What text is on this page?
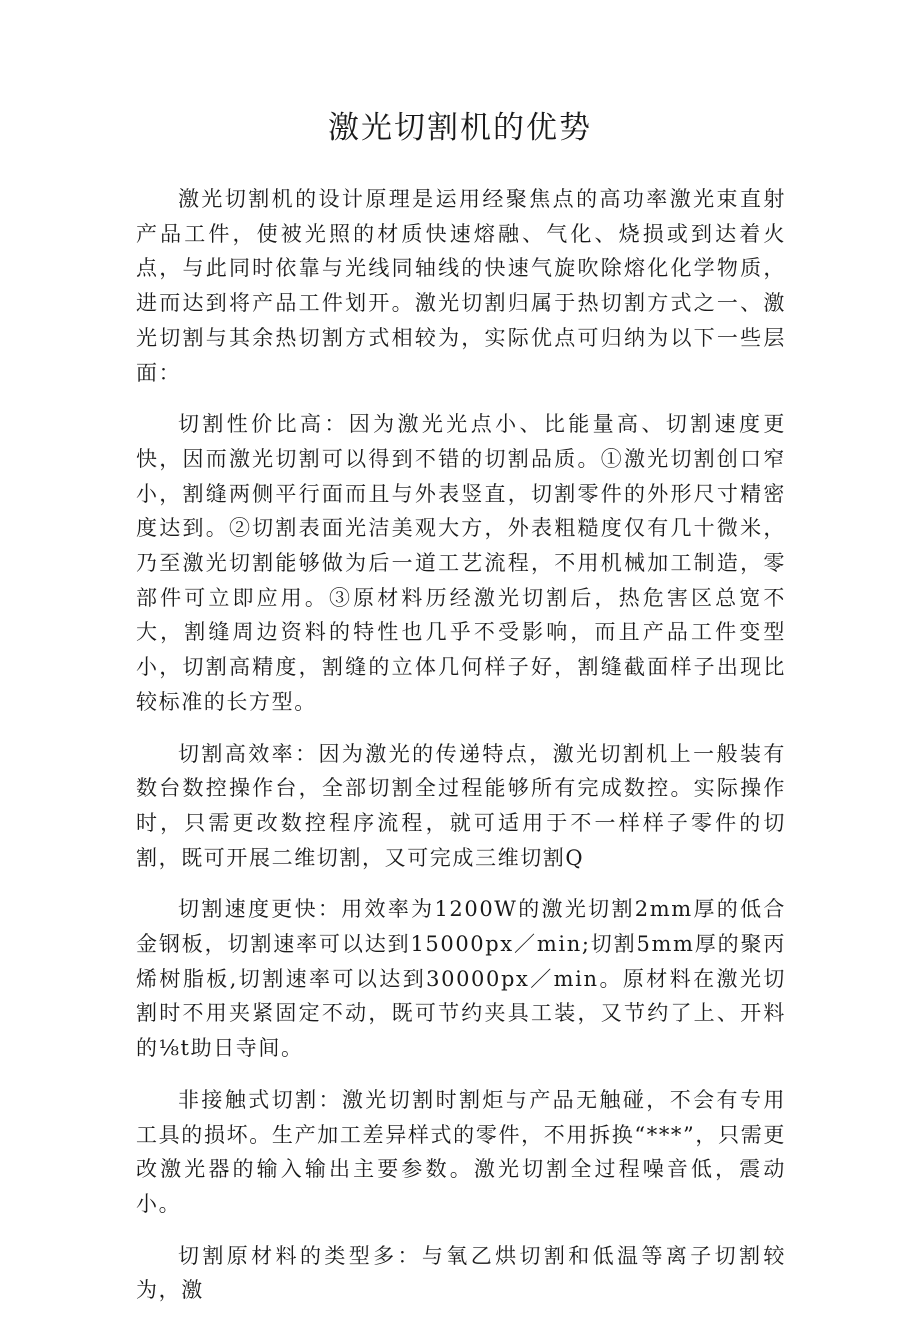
激光切割机的优势

激光切割机的设计原理是运用经聚焦点的高功率激光束直射产品工件，使被光照的材质快速熔融、气化、烧损或到达着火点，与此同时依靠与光线同轴线的快速气旋吹除熔化化学物质，进而达到将产品工件划开。激光切割归属于热切割方式之一、激光切割与其余热切割方式相较为，实际优点可归纳为以下一些层面：

切割性价比高：因为激光光点小、比能量高、切割速度更快，因而激光切割可以得到不错的切割品质。①激光切割创口窄小，割缝两侧平行面而且与外表竖直，切割零件的外形尺寸精密度达到。②切割表面光洁美观大方，外表粗糙度仅有几十微米，乃至激光切割能够做为后一道工艺流程，不用机械加工制造，零部件可立即应用。③原材料历经激光切割后，热危害区总宽不大，割缝周边资料的特性也几乎不受影响，而且产品工件变型小，切割高精度，割缝的立体几何样子好，割缝截面样子出现比较标准的长方型。

切割高效率：因为激光的传递特点，激光切割机上一般装有数台数控操作台，全部切割全过程能够所有完成数控。实际操作时，只需更改数控程序流程，就可适用于不一样样子零件的切割，既可开展二维切割，又可完成三维切割Q

切割速度更快：用效率为1200W的激光切割2mm厚的低合金钢板，切割速率可以达到15000px／min;切割5mm厚的聚丙烯树脂板,切割速率可以达到30000px／min。原材料在激光切割时不用夹紧固定不动，既可节约夹具工装，又节约了上、开料的⅛t助日寺间。

非接触式切割：激光切割时割炬与产品无触碰，不会有专用工具的损坏。生产加工差异样式的零件，不用拆换“***”，只需更改激光器的输入输出主要参数。激光切割全过程噪音低，震动小。

切割原材料的类型多：与氧乙烘切割和低温等离子切割较为，激
